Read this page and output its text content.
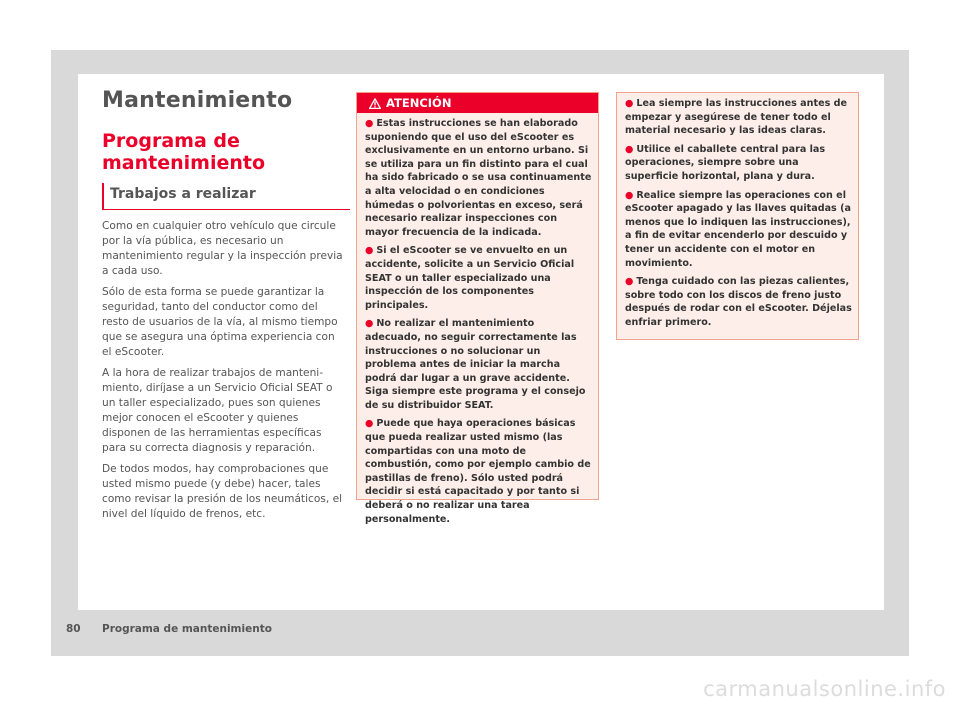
Mantenimiento
Programa de mantenimiento
Trabajos a realizar

Como en cualquier otro vehículo que circule por la vía pública, es necesario un mantenimiento regular y la inspección previa a cada uso.

Sólo de esta forma se puede garantizar la seguridad, tanto del conductor como del resto de usuarios de la vía, al mismo tiempo que se asegura una óptima experiencia con el eScooter.

A la hora de realizar trabajos de mantenimiento, diríjase a un Servicio Oficial SEAT o un taller especializado, pues son quienes mejor conocen el eScooter y quienes disponen de las herramientas específicas para su correcta diagnosis y reparación.

De todos modos, hay comprobaciones que usted mismo puede (y debe) hacer, tales como revisar la presión de los neumáticos, el nivel del líquido de frenos, etc.

ATENCIÓN

● Estas instrucciones se han elaborado suponiendo que el uso del eScooter es exclusivamente en un entorno urbano. Si se utiliza para un fin distinto para el cual ha sido fabricado o se usa continuamente a alta velocidad o en condiciones húmedas o polvorientas en exceso, será necesario realizar inspecciones con mayor frecuencia de la indicada.

● Si el eScooter se ve envuelto en un accidente, solicite a un Servicio Oficial SEAT o un taller especializado una inspección de los componentes principales.

● No realizar el mantenimiento adecuado, no seguir correctamente las instrucciones o no solucionar un problema antes de iniciar la marcha podrá dar lugar a un grave accidente. Siga siempre este programa y el consejo de su distribuidor SEAT.

● Puede que haya operaciones básicas que pueda realizar usted mismo (las compartidas con una moto de combustión, como por ejemplo cambio de pastillas de freno). Sólo usted podrá decidir si está capacitado y por tanto si deberá o no realizar una tarea personalmente.

● Lea siempre las instrucciones antes de empezar y asegúrese de tener todo el material necesario y las ideas claras.

● Utilice el caballete central para las operaciones, siempre sobre una superficie horizontal, plana y dura.

● Realice siempre las operaciones con el eScooter apagado y las llaves quitadas (a menos que lo indiquen las instrucciones), a fin de evitar encenderlo por descuido y tener un accidente con el motor en movimiento.

● Tenga cuidado con las piezas calientes, sobre todo con los discos de freno justo después de rodar con el eScooter. Déjelas enfriar primero.

80 Programa de mantenimiento
carmanualsonline.info
